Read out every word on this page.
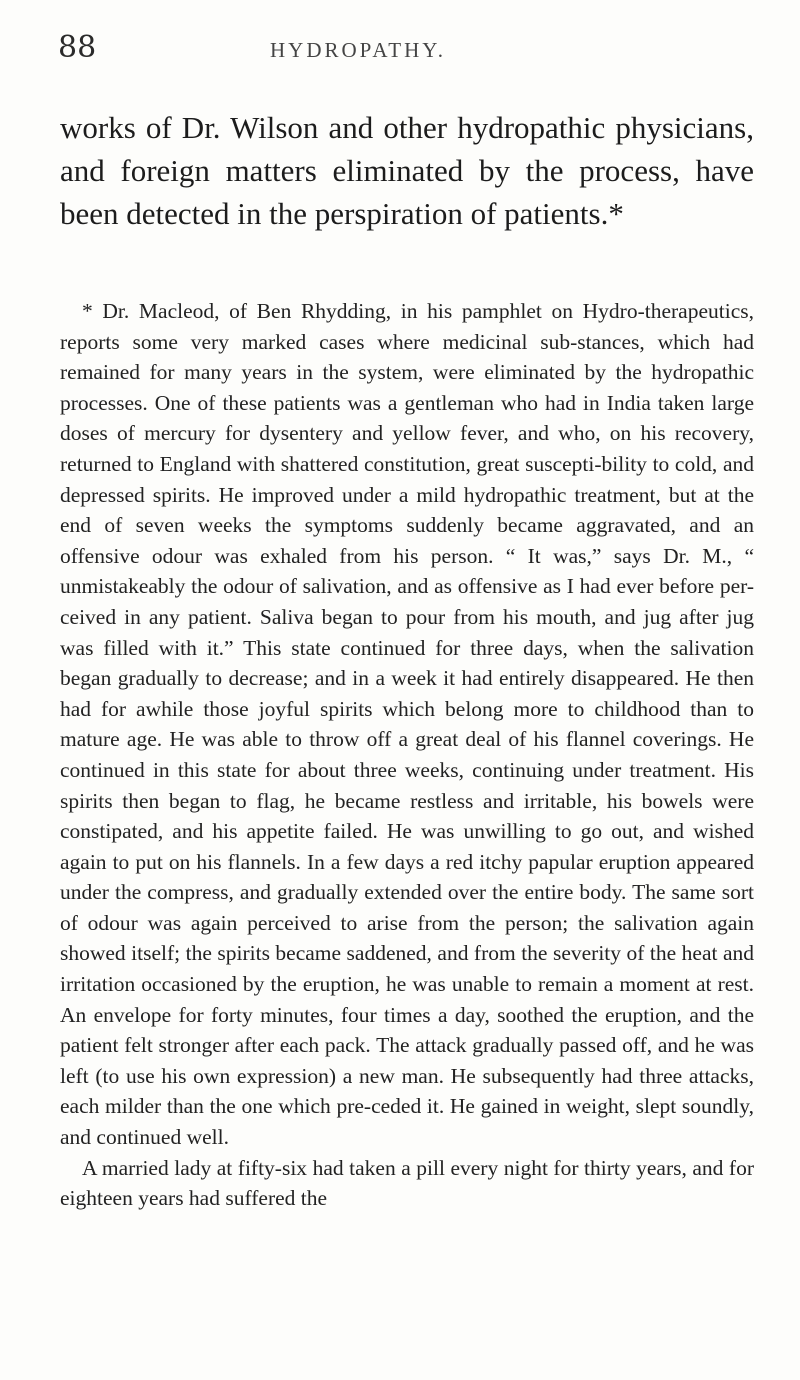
88	HYDROPATHY.
works of Dr. Wilson and other hydropathic physicians, and foreign matters eliminated by the process, have been detected in the perspiration of patients.*

* Dr. Macleod, of Ben Rhydding, in his pamphlet on Hydro-therapeutics, reports some very marked cases where medicinal sub-stances, which had remained for many years in the system, were eliminated by the hydropathic processes. One of these patients was a gentleman who had in India taken large doses of mercury for dysentery and yellow fever, and who, on his recovery, returned to England with shattered constitution, great suscepti-bility to cold, and depressed spirits. He improved under a mild hydropathic treatment, but at the end of seven weeks the symptoms suddenly became aggravated, and an offensive odour was exhaled from his person. “ It was,” says Dr. M., “ unmistakeably the odour of salivation, and as offensive as I had ever before per-ceived in any patient. Saliva began to pour from his mouth, and jug after jug was filled with it.” This state continued for three days, when the salivation began gradually to decrease; and in a week it had entirely disappeared. He then had for awhile those joyful spirits which belong more to childhood than to mature age. He was able to throw off a great deal of his flannel coverings. He continued in this state for about three weeks, continuing under treatment. His spirits then began to flag, he became restless and irritable, his bowels were constipated, and his appetite failed. He was unwilling to go out, and wished again to put on his flannels. In a few days a red itchy papular eruption appeared under the compress, and gradually extended over the entire body. The same sort of odour was again perceived to arise from the person; the salivation again showed itself; the spirits became saddened, and from the severity of the heat and irritation occasioned by the eruption, he was unable to remain a moment at rest. An envelope for forty minutes, four times a day, soothed the eruption, and the patient felt stronger after each pack. The attack gradually passed off, and he was left (to use his own expression) a new man. He subsequently had three attacks, each milder than the one which pre-ceded it. He gained in weight, slept soundly, and continued well.

A married lady at fifty-six had taken a pill every night for thirty years, and for eighteen years had suffered the
